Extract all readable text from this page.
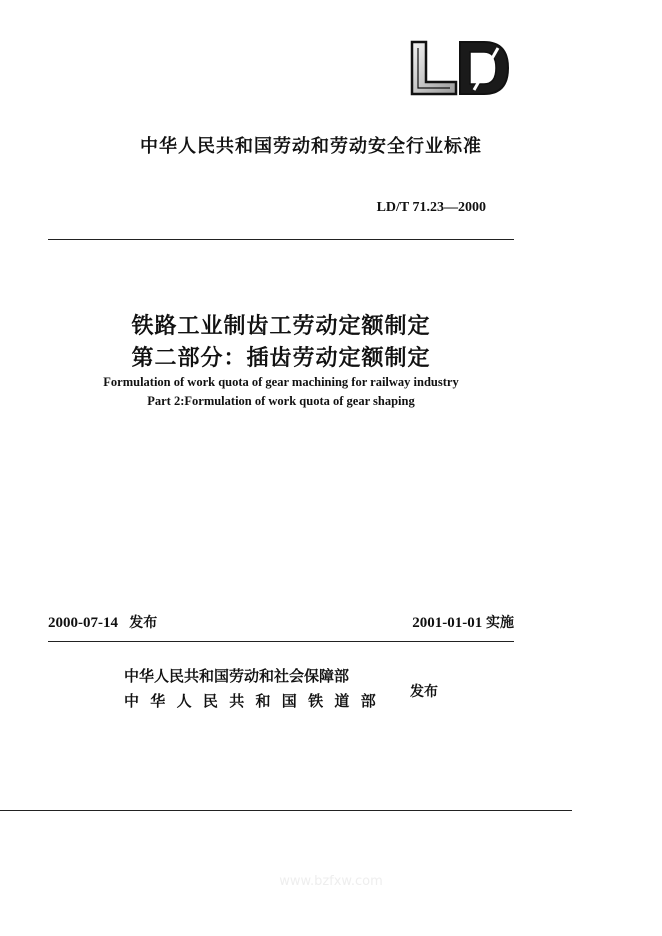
中华人民共和国劳动和劳动安全行业标准
LD/T 71.23—2000
铁路工业制齿工劳动定额制定
第二部分：插齿劳动定额制定
Formulation of work quota of gear machining for railway industry
Part 2:Formulation of work quota of gear shaping
2000-07-14 发布	2001-01-01 实施
中华人民共和国劳动和社会保障部
中华人民共和国铁道部 发布
www.bzfxw.com
